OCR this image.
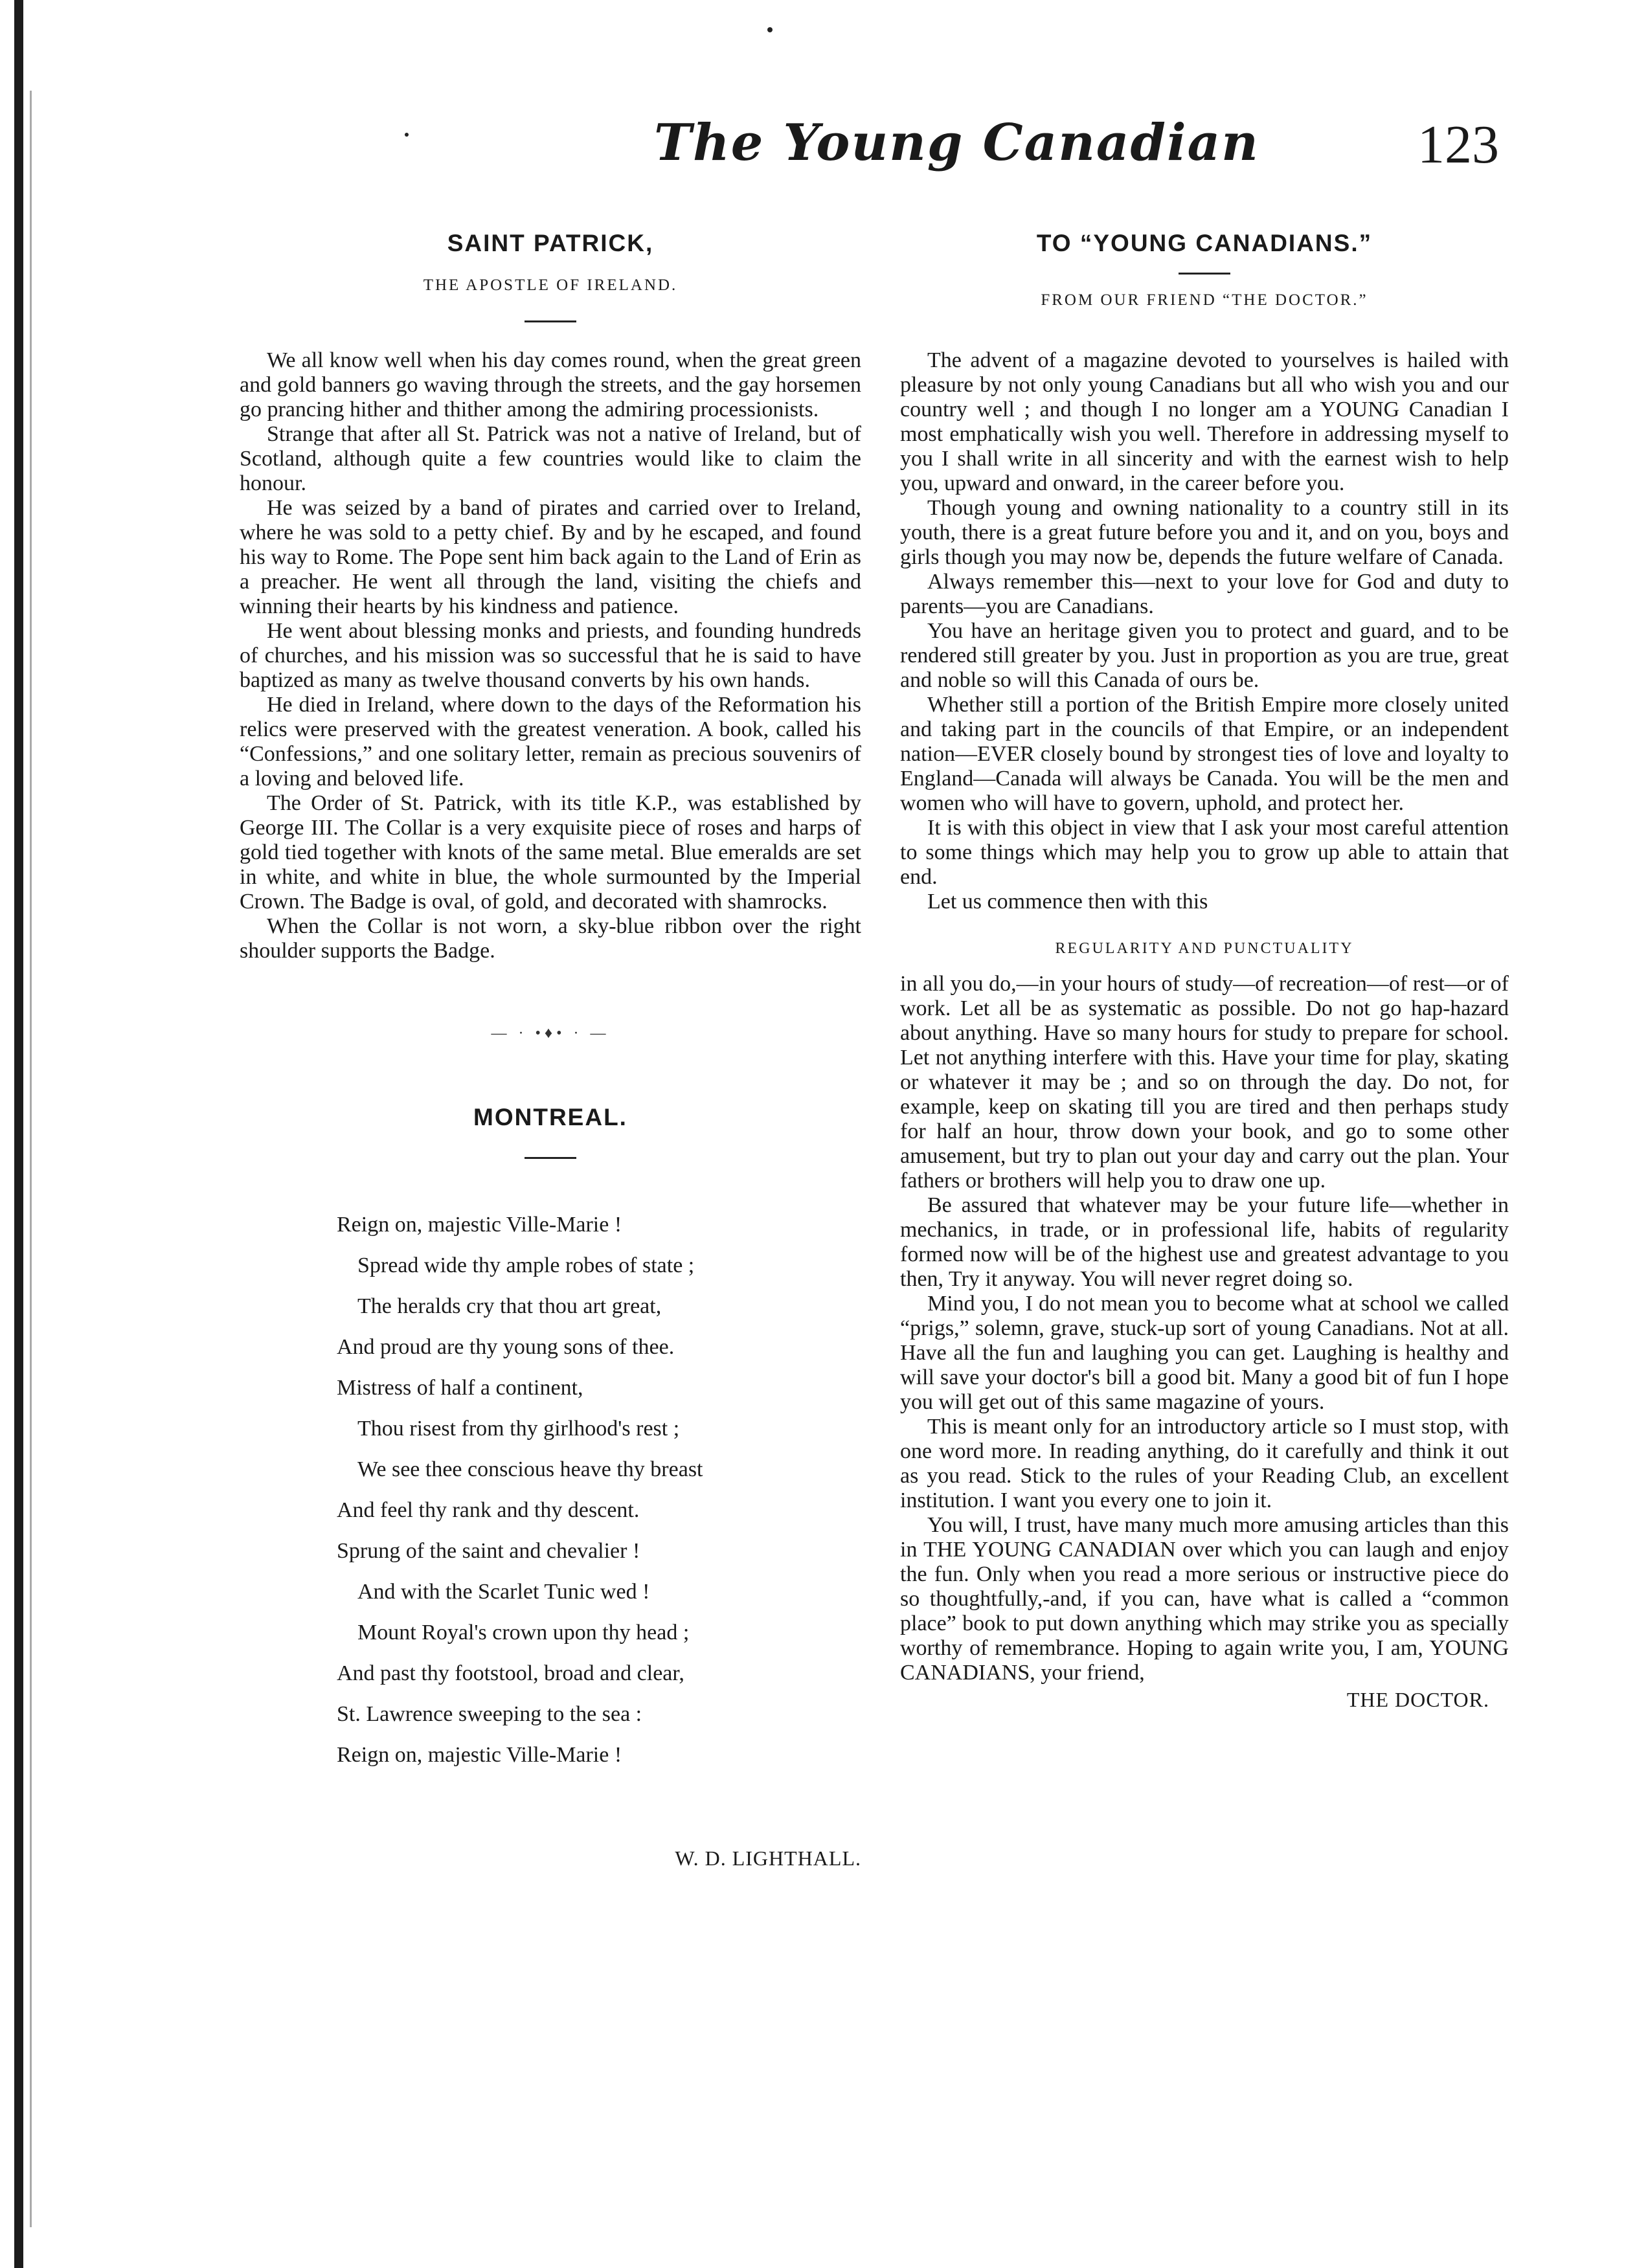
The Young Canadian	123
SAINT PATRICK,
THE APOSTLE OF IRELAND.

We all know well when his day comes round, when the great green and gold banners go waving through the streets, and the gay horsemen go prancing hither and thither among the admiring processionists.

Strange that after all St. Patrick was not a native of Ireland, but of Scotland, although quite a few countries would like to claim the honour.

He was seized by a band of pirates and carried over to Ireland, where he was sold to a petty chief. By and by he escaped, and found his way to Rome. The Pope sent him back again to the Land of Erin as a preacher. He went all through the land, visiting the chiefs and winning their hearts by his kindness and patience.

He went about blessing monks and priests, and founding hundreds of churches, and his mission was so successful that he is said to have baptized as many as twelve thousand converts by his own hands.

He died in Ireland, where down to the days of the Reformation his relics were preserved with the greatest veneration. A book, called his “Confessions,” and one solitary letter, remain as precious souvenirs of a loving and beloved life.

The Order of St. Patrick, with its title K.P., was established by George III. The Collar is a very exquisite piece of roses and harps of gold tied together with knots of the same metal. Blue emeralds are set in white, and white in blue, the whole surmounted by the Imperial Crown. The Badge is oval, of gold, and decorated with shamrocks.

When the Collar is not worn, a sky-blue ribbon over the right shoulder supports the Badge.

— · •♦• · —
MONTREAL.
Reign on, majestic Ville-Marie !
Spread wide thy ample robes of state ;
The heralds cry that thou art great,
And proud are thy young sons of thee.
Mistress of half a continent,
Thou risest from thy girlhood's rest ;
We see thee conscious heave thy breast
And feel thy rank and thy descent.
Sprung of the saint and chevalier !
And with the Scarlet Tunic wed !
Mount Royal's crown upon thy head ;
And past thy footstool, broad and clear,
St. Lawrence sweeping to the sea :
Reign on, majestic Ville-Marie !
W. D. LIGHTHALL.
TO “YOUNG CANADIANS.”
FROM OUR FRIEND “THE DOCTOR.”

The advent of a magazine devoted to yourselves is hailed with pleasure by not only young Canadians but all who wish you and our country well ; and though I no longer am a YOUNG Canadian I most emphatically wish you well. Therefore in addressing myself to you I shall write in all sincerity and with the earnest wish to help you, upward and onward, in the career before you.

Though young and owning nationality to a country still in its youth, there is a great future before you and it, and on you, boys and girls though you may now be, depends the future welfare of Canada.

Always remember this—next to your love for God and duty to parents—you are Canadians.

You have an heritage given you to protect and guard, and to be rendered still greater by you. Just in proportion as you are true, great and noble so will this Canada of ours be.

Whether still a portion of the British Empire more closely united and taking part in the councils of that Empire, or an independent nation—EVER closely bound by strongest ties of love and loyalty to England—Canada will always be Canada. You will be the men and women who will have to govern, uphold, and protect her.

It is with this object in view that I ask your most careful attention to some things which may help you to grow up able to attain that end.

Let us commence then with this

REGULARITY AND PUNCTUALITY

in all you do,—in your hours of study—of recreation—of rest—or of work. Let all be as systematic as possible. Do not go hap-hazard about anything. Have so many hours for study to prepare for school. Let not anything interfere with this. Have your time for play, skating or whatever it may be ; and so on through the day. Do not, for example, keep on skating till you are tired and then perhaps study for half an hour, throw down your book, and go to some other amusement, but try to plan out your day and carry out the plan. Your fathers or brothers will help you to draw one up.

Be assured that whatever may be your future life—whether in mechanics, in trade, or in professional life, habits of regularity formed now will be of the highest use and greatest advantage to you then, Try it anyway. You will never regret doing so.

Mind you, I do not mean you to become what at school we called “prigs,” solemn, grave, stuck-up sort of young Canadians. Not at all. Have all the fun and laughing you can get. Laughing is healthy and will save your doctor's bill a good bit. Many a good bit of fun I hope you will get out of this same magazine of yours.

This is meant only for an introductory article so I must stop, with one word more. In reading anything, do it carefully and think it out as you read. Stick to the rules of your Reading Club, an excellent institution. I want you every one to join it.

You will, I trust, have many much more amusing articles than this in THE YOUNG CANADIAN over which you can laugh and enjoy the fun. Only when you read a more serious or instructive piece do so thoughtfully,-and, if you can, have what is called a “common place” book to put down anything which may strike you as specially worthy of remembrance. Hoping to again write you, I am, YOUNG CANADIANS, your friend,

THE DOCTOR.
